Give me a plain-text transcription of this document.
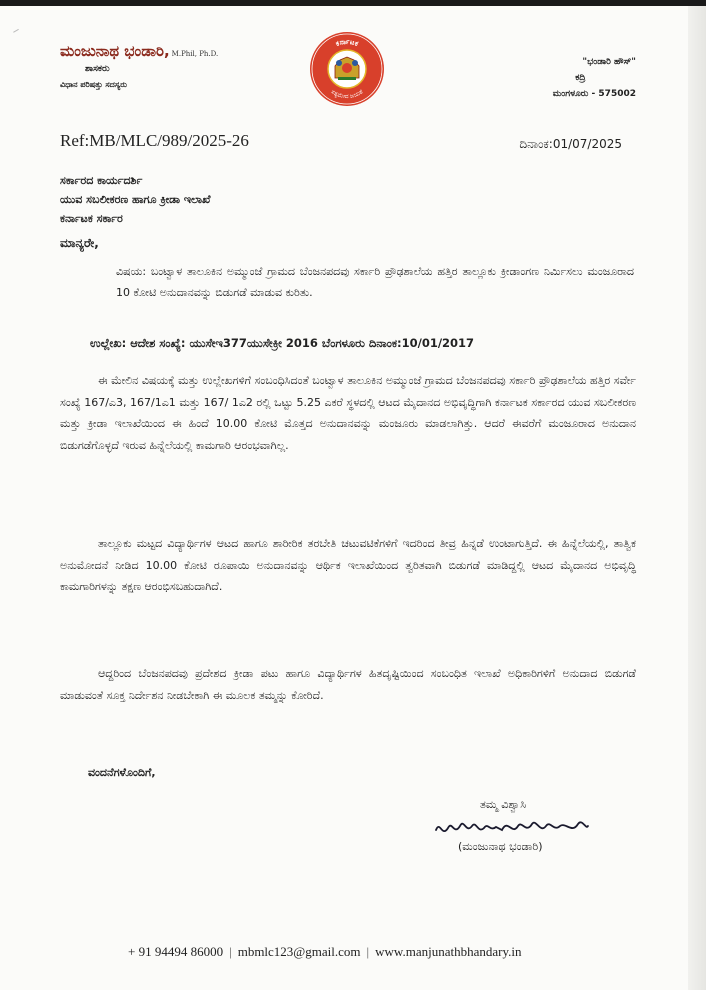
ಮಂಜುನಾಥ ಭಂಡಾರಿ, M.Phil, Ph.D.
ಶಾಸಕರು
ವಿಧಾನ ಪರಿಷತ್ತು ಸದಸ್ಯರು
ಕರ್ನಾಟಕ
ಸತ್ಯಮೇವ ಜಯತೆ
"ಭಂಡಾರಿ ಹೌಸ್"
ಕದ್ರಿ
ಮಂಗಳೂರು - 575002
Ref:MB/MLC/989/2025-26	ದಿನಾಂಕ:01/07/2025
ಸರ್ಕಾರದ ಕಾರ್ಯದರ್ಶಿ
ಯುವ ಸಬಲೀಕರಣ ಹಾಗೂ ಕ್ರೀಡಾ ಇಲಾಖೆ
ಕರ್ನಾಟಕ ಸರ್ಕಾರ
ಮಾನ್ಯರೇ,
ವಿಷಯ: ಬಂಟ್ವಾಳ ತಾಲೂಕಿನ ಅಮ್ಮುಂಜೆ ಗ್ರಾಮದ ಬೆಂಜನಪದವು ಸರ್ಕಾರಿ ಪ್ರೌಢಶಾಲೆಯ ಹತ್ತಿರ ತಾಲ್ಲೂಕು ಕ್ರೀಡಾಂಗಣ ನಿರ್ಮಿಸಲು ಮಂಜೂರಾದ 10 ಕೋಟಿ ಅನುದಾನವನ್ನು ಬಿಡುಗಡೆ ಮಾಡುವ ಕುರಿತು.
ಉಲ್ಲೇಖ: ಆದೇಶ ಸಂಖ್ಯೆ: ಯುಸೇಇ377ಯುಸೇಕ್ರೀ 2016 ಬೆಂಗಳೂರು ದಿನಾಂಕ:10/01/2017
ಈ ಮೇಲಿನ ವಿಷಯಕ್ಕೆ ಮತ್ತು ಉಲ್ಲೇಖಗಳಿಗೆ ಸಂಬಂಧಿಸಿದಂತೆ ಬಂಟ್ವಾಳ ತಾಲೂಕಿನ ಅಮ್ಮುಂಜೆ ಗ್ರಾಮದ ಬೆಂಜನಪದವು ಸರ್ಕಾರಿ ಪ್ರೌಢಶಾಲೆಯ ಹತ್ತಿರ ಸರ್ವೇ ಸಂಖ್ಯೆ 167/ಎ3, 167/1ಎ1 ಮತ್ತು 167/ 1ಎ2 ರಲ್ಲಿ ಒಟ್ಟು 5.25 ಎಕರೆ ಸ್ಥಳದಲ್ಲಿ ಆಟದ ಮೈದಾನದ ಅಭಿವೃದ್ಧಿಗಾಗಿ ಕರ್ನಾಟಕ ಸರ್ಕಾರದ ಯುವ ಸಬಲೀಕರಣ ಮತ್ತು ಕ್ರೀಡಾ ಇಲಾಖೆಯಿಂದ ಈ ಹಿಂದೆ 10.00 ಕೋಟಿ ಮೊತ್ತದ ಅನುದಾನವನ್ನು ಮಂಜೂರು ಮಾಡಲಾಗಿತ್ತು. ಆದರೆ ಈವರೆಗೆ ಮಂಜೂರಾದ ಅನುದಾನ ಬಿಡುಗಡೆಗೊಳ್ಳದೆ ಇರುವ ಹಿನ್ನೆಲೆಯಲ್ಲಿ ಕಾಮಗಾರಿ ಆರಂಭವಾಗಿಲ್ಲ.
ತಾಲ್ಲೂಕು ಮಟ್ಟದ ವಿದ್ಯಾರ್ಥಿಗಳ ಆಟದ ಹಾಗೂ ಶಾರೀರಿಕ ತರಬೇತಿ ಚಟುವಟಿಕೆಗಳಿಗೆ ಇದರಿಂದ ತೀವ್ರ ಹಿನ್ನಡೆ ಉಂಟಾಗುತ್ತಿದೆ. ಈ ಹಿನ್ನೆಲೆಯಲ್ಲಿ, ತಾತ್ವಿಕ ಅನುಮೋದನೆ ನೀಡಿದ 10.00 ಕೋಟಿ ರೂಪಾಯಿ ಅನುದಾನವನ್ನು ಆರ್ಥಿಕ ಇಲಾಖೆಯಿಂದ ತ್ವರಿತವಾಗಿ ಬಿಡುಗಡೆ ಮಾಡಿದ್ದಲ್ಲಿ ಆಟದ ಮೈದಾನದ ಅಭಿವೃದ್ಧಿ ಕಾಮಗಾರಿಗಳನ್ನು ತಕ್ಷಣ ಆರಂಭಿಸಬಹುದಾಗಿದೆ.
ಆದ್ದರಿಂದ ಬೆಂಜನಪದವು ಪ್ರದೇಶದ ಕ್ರೀಡಾ ಪಟು ಹಾಗೂ ವಿದ್ಯಾರ್ಥಿಗಳ ಹಿತದೃಷ್ಟಿಯಿಂದ ಸಂಬಂಧಿತ ಇಲಾಖೆ ಅಧಿಕಾರಿಗಳಿಗೆ ಅನುದಾದ ಬಿಡುಗಡೆ ಮಾಡುವಂತೆ ಸೂಕ್ತ ನಿರ್ದೇಶನ ನೀಡಬೇಕಾಗಿ ಈ ಮೂಲಕ ತಮ್ಮನ್ನು ಕೋರಿದೆ.
ವಂದನೆಗಳೊಂದಿಗೆ,
ತಮ್ಮ ವಿಶ್ವಾಸಿ
(ಮಂಜುನಾಥ ಭಂಡಾರಿ)
+ 91 94494 86000 | mbmlc123@gmail.com | www.manjunathbhandary.in
